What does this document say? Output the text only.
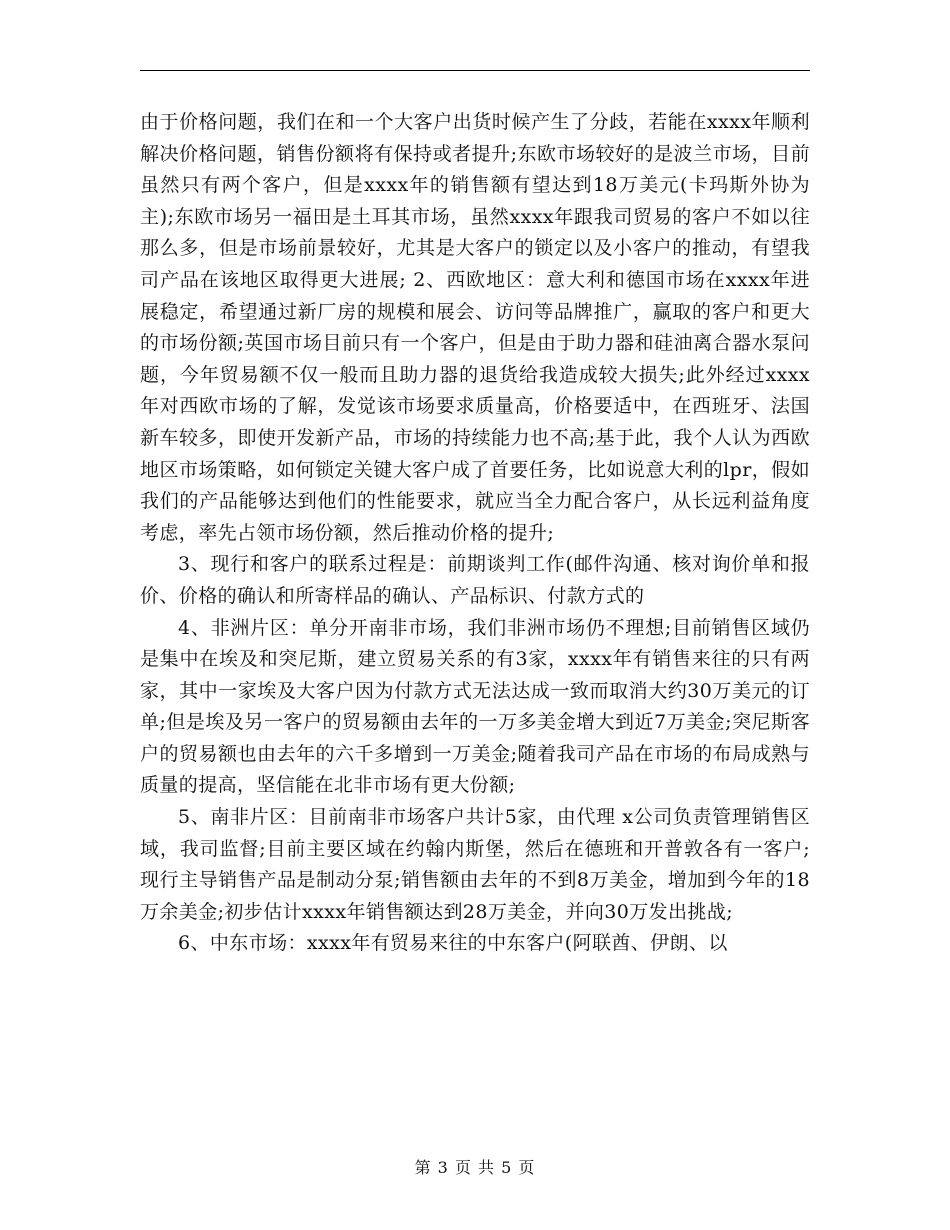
由于价格问题，我们在和一个大客户出货时候产生了分歧，若能在xxxx年顺利解决价格问题，销售份额将有保持或者提升;东欧市场较好的是波兰市场，目前虽然只有两个客户，但是xxxx年的销售额有望达到18万美元(卡玛斯外协为主);东欧市场另一福田是土耳其市场，虽然xxxx年跟我司贸易的客户不如以往那么多，但是市场前景较好，尤其是大客户的锁定以及小客户的推动，有望我司产品在该地区取得更大进展; 2、西欧地区：意大利和德国市场在xxxx年进展稳定，希望通过新厂房的规模和展会、访问等品牌推广，赢取的客户和更大的市场份额;英国市场目前只有一个客户，但是由于助力器和硅油离合器水泵问题，今年贸易额不仅一般而且助力器的退货给我造成较大损失;此外经过xxxx年对西欧市场的了解，发觉该市场要求质量高，价格要适中，在西班牙、法国新车较多，即使开发新产品，市场的持续能力也不高;基于此，我个人认为西欧地区市场策略，如何锁定关键大客户成了首要任务，比如说意大利的lpr，假如我们的产品能够达到他们的性能要求，就应当全力配合客户，从长远利益角度考虑，率先占领市场份额，然后推动价格的提升;

3、现行和客户的联系过程是：前期谈判工作(邮件沟通、核对询价单和报价、价格的确认和所寄样品的确认、产品标识、付款方式的

4、非洲片区：单分开南非市场，我们非洲市场仍不理想;目前销售区域仍是集中在埃及和突尼斯，建立贸易关系的有3家，xxxx年有销售来往的只有两家，其中一家埃及大客户因为付款方式无法达成一致而取消大约30万美元的订单;但是埃及另一客户的贸易额由去年的一万多美金增大到近7万美金;突尼斯客户的贸易额也由去年的六千多增到一万美金;随着我司产品在市场的布局成熟与质量的提高，坚信能在北非市场有更大份额;

5、南非片区：目前南非市场客户共计5家，由代理 x公司负责管理销售区域，我司监督;目前主要区域在约翰内斯堡，然后在德班和开普敦各有一客户;现行主导销售产品是制动分泵;销售额由去年的不到8万美金，增加到今年的18万余美金;初步估计xxxx年销售额达到28万美金，并向30万发出挑战;

6、中东市场：xxxx年有贸易来往的中东客户(阿联酋、伊朗、以

第 3 页 共 5 页
